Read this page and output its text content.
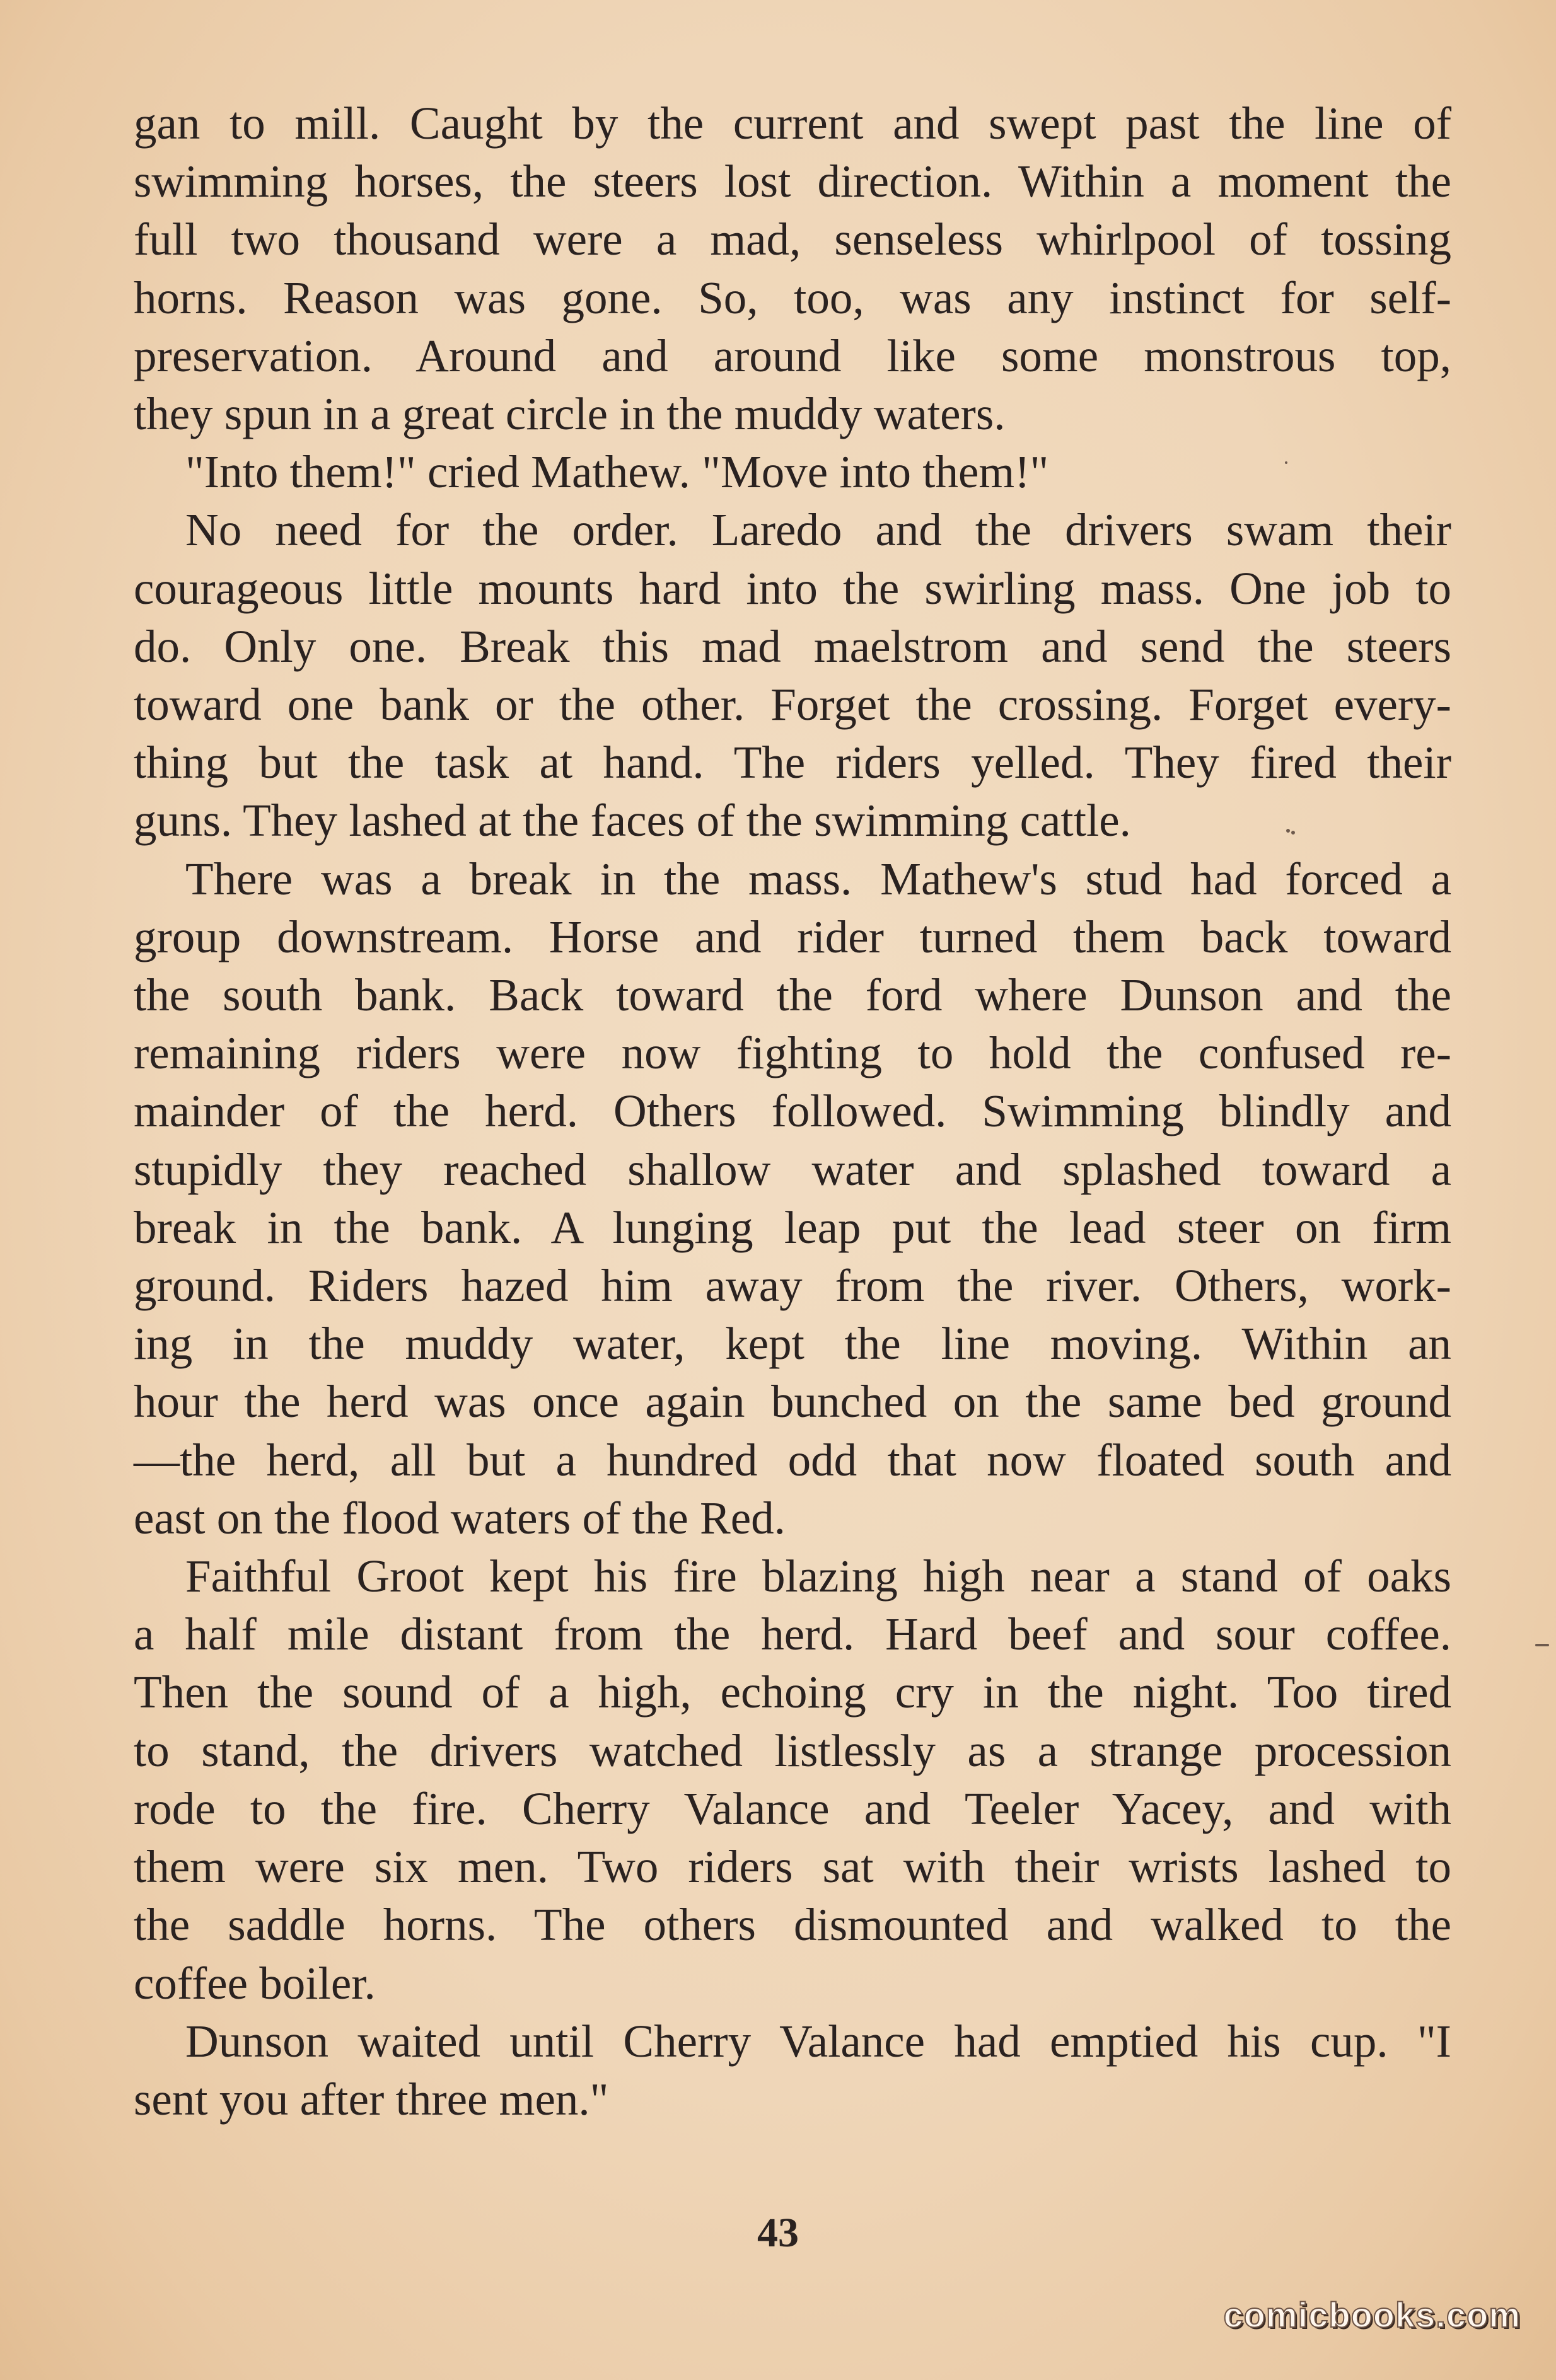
gan to mill. Caught by the current and swept past the line of
swimming horses, the steers lost direction. Within a moment the
full two thousand were a mad, senseless whirlpool of tossing
horns. Reason was gone. So, too, was any instinct for self-
preservation. Around and around like some monstrous top,
they spun in a great circle in the muddy waters.
"Into them!" cried Mathew. "Move into them!"
No need for the order. Laredo and the drivers swam their
courageous little mounts hard into the swirling mass. One job to
do. Only one. Break this mad maelstrom and send the steers
toward one bank or the other. Forget the crossing. Forget every-
thing but the task at hand. The riders yelled. They fired their
guns. They lashed at the faces of the swimming cattle.
There was a break in the mass. Mathew's stud had forced a
group downstream. Horse and rider turned them back toward
the south bank. Back toward the ford where Dunson and the
remaining riders were now fighting to hold the confused re-
mainder of the herd. Others followed. Swimming blindly and
stupidly they reached shallow water and splashed toward a
break in the bank. A lunging leap put the lead steer on firm
ground. Riders hazed him away from the river. Others, work-
ing in the muddy water, kept the line moving. Within an
hour the herd was once again bunched on the same bed ground
—the herd, all but a hundred odd that now floated south and
east on the flood waters of the Red.
Faithful Groot kept his fire blazing high near a stand of oaks
a half mile distant from the herd. Hard beef and sour coffee.
Then the sound of a high, echoing cry in the night. Too tired
to stand, the drivers watched listlessly as a strange procession
rode to the fire. Cherry Valance and Teeler Yacey, and with
them were six men. Two riders sat with their wrists lashed to
the saddle horns. The others dismounted and walked to the
coffee boiler.
Dunson waited until Cherry Valance had emptied his cup. "I
sent you after three men."
43
comicbooks.com
